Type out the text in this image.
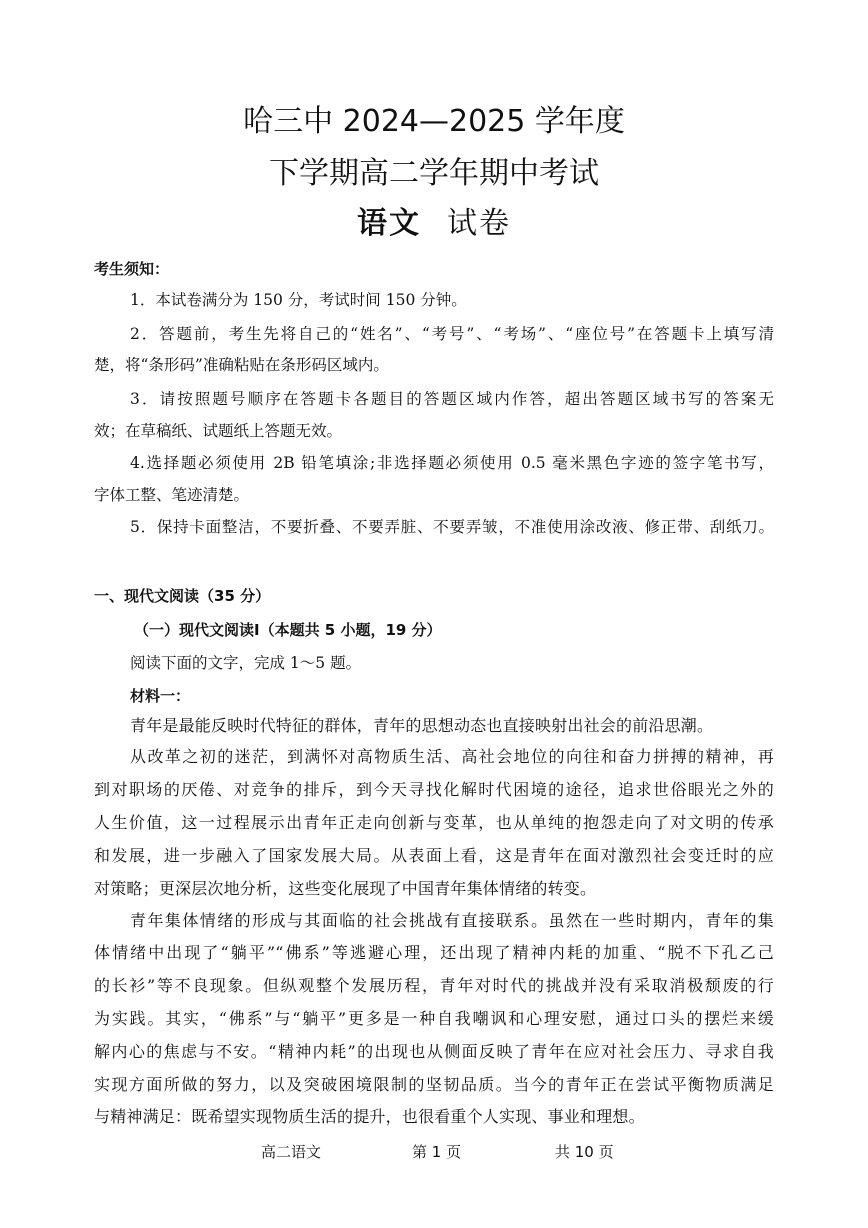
哈三中 2024—2025 学年度
下学期高二学年期中考试
语文 试卷
考生须知：
1．本试卷满分为 150 分，考试时间 150 分钟。
2．答题前，考生先将自己的“姓名”、“考号”、“考场”、“座位号”在答题卡上填写清
楚，将“条形码”准确粘贴在条形码区域内。
3．请按照题号顺序在答题卡各题目的答题区域内作答，超出答题区域书写的答案无
效；在草稿纸、试题纸上答题无效。
4.选择题必须使用 2B 铅笔填涂;非选择题必须使用 0.5 毫米黑色字迹的签字笔书写，
字体工整、笔迹清楚。
5．保持卡面整洁，不要折叠、不要弄脏、不要弄皱，不准使用涂改液、修正带、刮纸刀。
一、现代文阅读（35 分）
（一）现代文阅读Ⅰ（本题共 5 小题，19 分）
阅读下面的文字，完成 1～5 题。
材料一：
青年是最能反映时代特征的群体，青年的思想动态也直接映射出社会的前沿思潮。
从改革之初的迷茫，到满怀对高物质生活、高社会地位的向往和奋力拼搏的精神，再
到对职场的厌倦、对竞争的排斥，到今天寻找化解时代困境的途径，追求世俗眼光之外的
人生价值，这一过程展示出青年正走向创新与变革，也从单纯的抱怨走向了对文明的传承
和发展，进一步融入了国家发展大局。从表面上看，这是青年在面对激烈社会变迁时的应
对策略；更深层次地分析，这些变化展现了中国青年集体情绪的转变。
青年集体情绪的形成与其面临的社会挑战有直接联系。虽然在一些时期内，青年的集
体情绪中出现了“躺平”“佛系”等逃避心理，还出现了精神内耗的加重、“脱不下孔乙己
的长衫”等不良现象。但纵观整个发展历程，青年对时代的挑战并没有采取消极颓废的行
为实践。其实，“佛系”与“躺平”更多是一种自我嘲讽和心理安慰，通过口头的摆烂来缓
解内心的焦虑与不安。“精神内耗”的出现也从侧面反映了青年在应对社会压力、寻求自我
实现方面所做的努力，以及突破困境限制的坚韧品质。当今的青年正在尝试平衡物质满足
与精神满足：既希望实现物质生活的提升，也很看重个人实现、事业和理想。
高二语文	第 1 页	共 10 页
